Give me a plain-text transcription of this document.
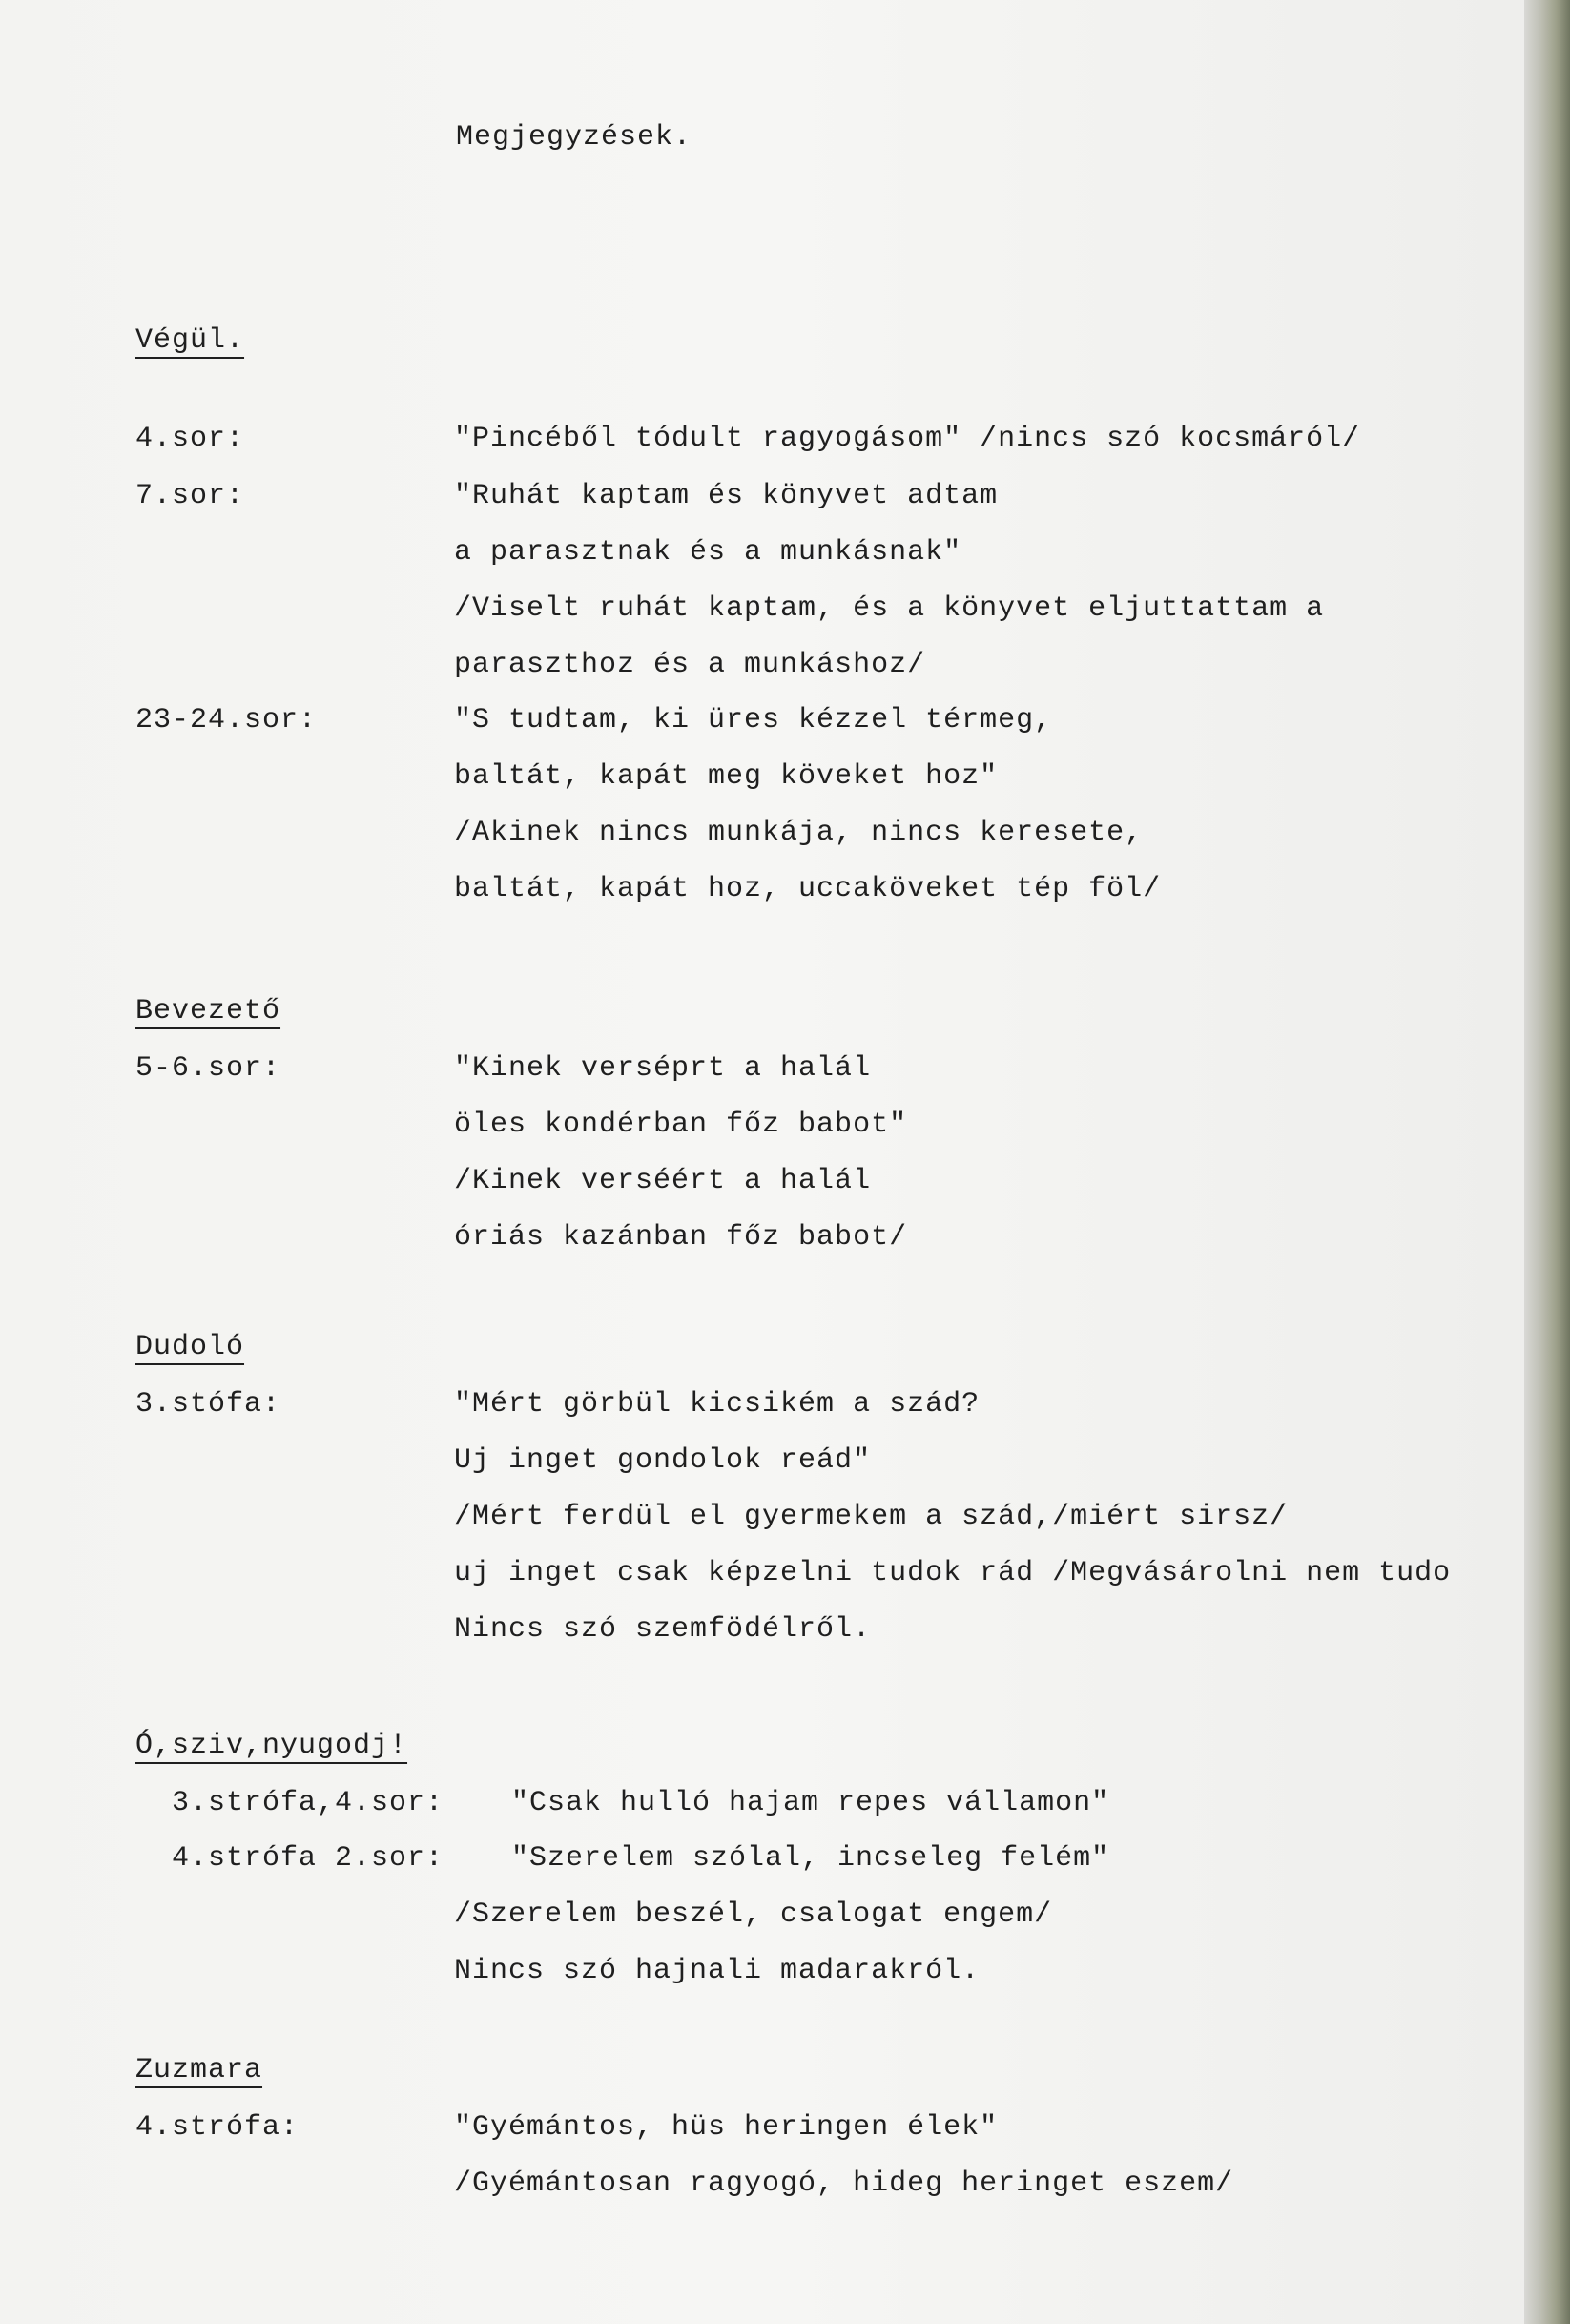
Megjegyzések.
Végül.
4.sor:	"Pincéből tódult ragyogásom" /nincs szó kocsmáról/
7.sor:	"Ruhát kaptam és könyvet adtam
a parasztnak és a munkásnak"
/Viselt ruhát kaptam, és a könyvet eljuttattam a
paraszthoz és a munkáshoz/
23-24.sor:	"S tudtam, ki üres kézzel térmeg,
baltát, kapát meg köveket hoz"
/Akinek nincs munkája, nincs keresete,
baltát, kapát hoz, uccaköveket tép föl/
Bevezető
5-6.sor:	"Kinek verséprt a halál
öles kondérban főz babot"
/Kinek verséért a halál
óriás kazánban főz babot/
Dudoló
3.stófa:	"Mért görbül kicsikém a szád?
Uj inget gondolok reád"
/Mért ferdül el gyermekem a szád,/miért sirsz/
uj inget csak képzelni tudok rád /Megvásárolni nem tudo
Nincs szó szemfödélről.
Ó,sziv,nyugodj!
3.strófa,4.sor: "Csak hulló hajam repes vállamon"
4.strófa 2.sor: "Szerelem szólal, incseleg felém"
/Szerelem beszél, csalogat engem/
Nincs szó hajnali madarakról.
Zuzmara
4.strófa:	"Gyémántos, hüs heringen élek"
/Gyémántosan ragyogó, hideg heringet eszem/
